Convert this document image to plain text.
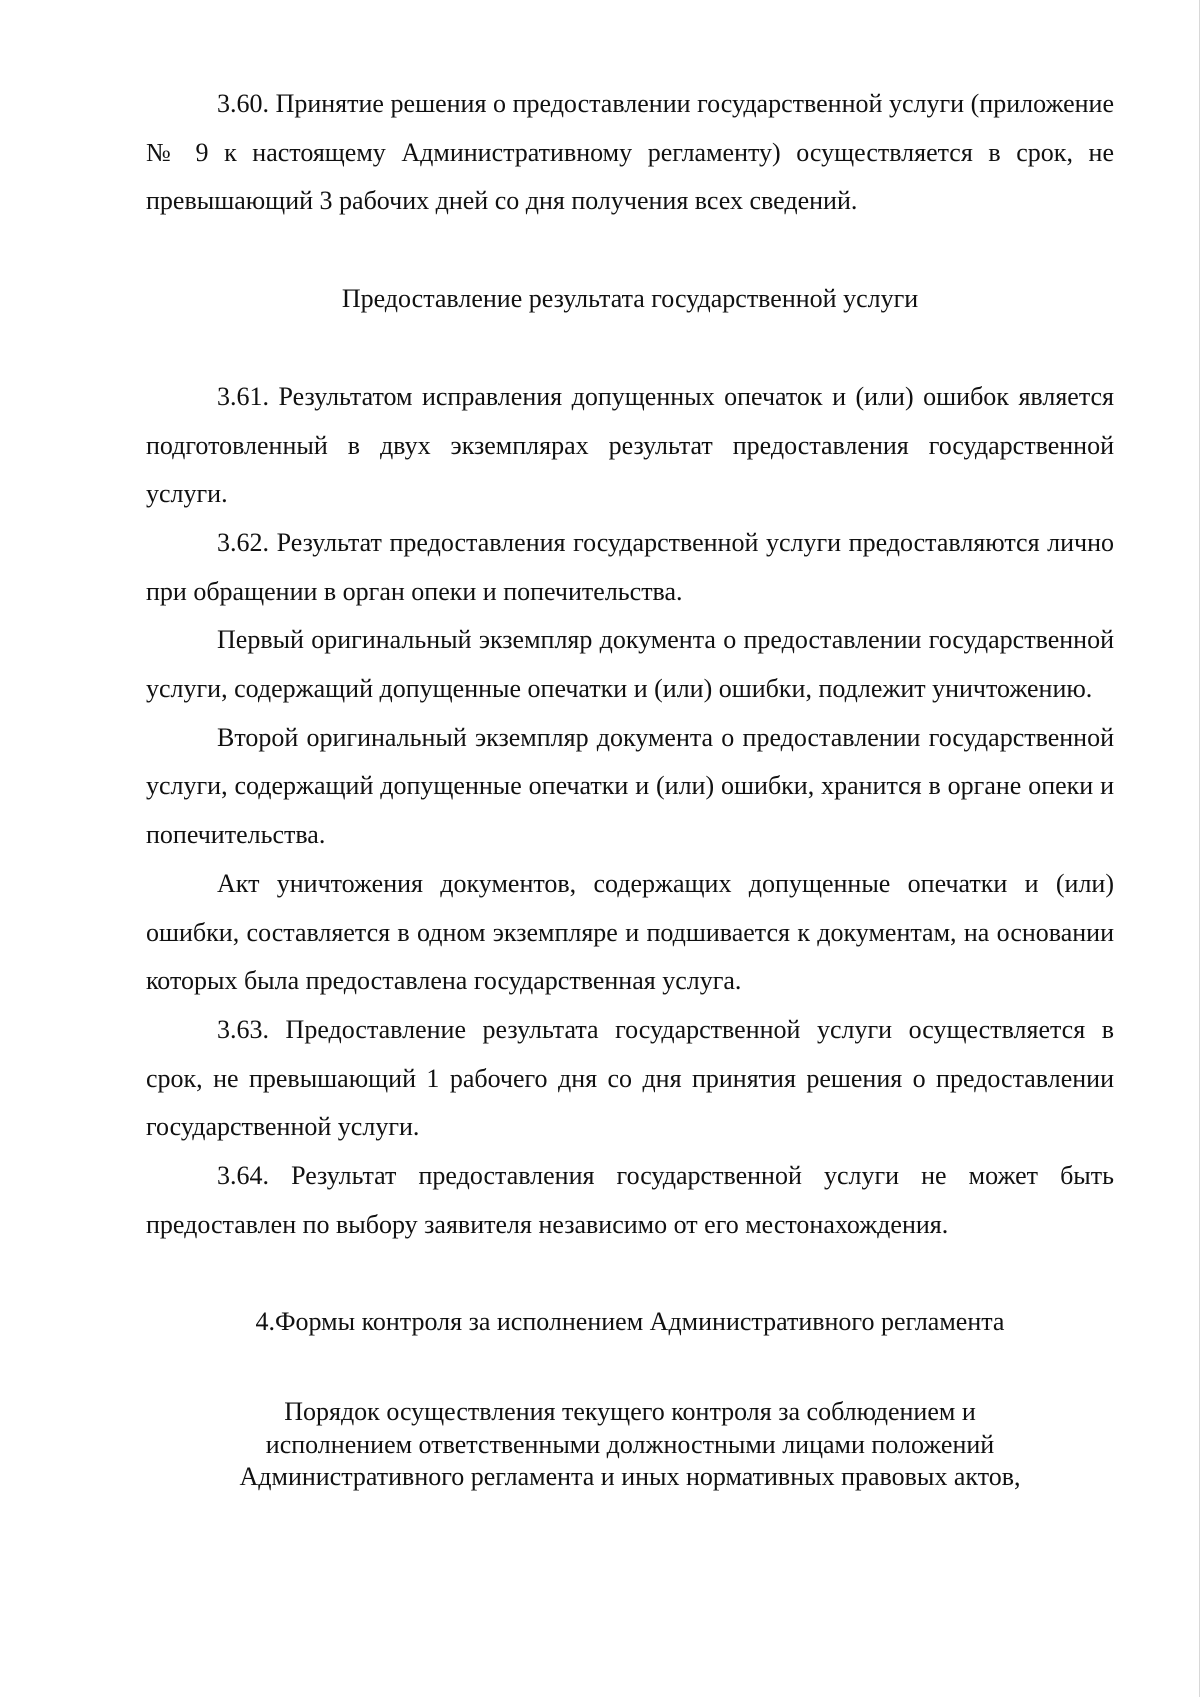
3.60. Принятие решения о предоставлении государственной услуги (приложение № 9 к настоящему Административному регламенту) осуществляется в срок, не превышающий 3 рабочих дней со дня получения всех сведений.

Предоставление результата государственной услуги

3.61. Результатом исправления допущенных опечаток и (или) ошибок является подготовленный в двух экземплярах результат предоставления государственной услуги.

3.62. Результат предоставления государственной услуги предоставляются лично при обращении в орган опеки и попечительства.

Первый оригинальный экземпляр документа о предоставлении государственной услуги, содержащий допущенные опечатки и (или) ошибки, подлежит уничтожению.

Второй оригинальный экземпляр документа о предоставлении государственной услуги, содержащий допущенные опечатки и (или) ошибки, хранится в органе опеки и попечительства.

Акт уничтожения документов, содержащих допущенные опечатки и (или) ошибки, составляется в одном экземпляре и подшивается к документам, на основании которых была предоставлена государственная услуга.

3.63. Предоставление результата государственной услуги осуществляется в срок, не превышающий 1 рабочего дня со дня принятия решения о предоставлении государственной услуги.

3.64. Результат предоставления государственной услуги не может быть предоставлен по выбору заявителя независимо от его местонахождения.

4.Формы контроля за исполнением Административного регламента

Порядок осуществления текущего контроля за соблюдением и
исполнением ответственными должностными лицами положений
Административного регламента и иных нормативных правовых актов,
